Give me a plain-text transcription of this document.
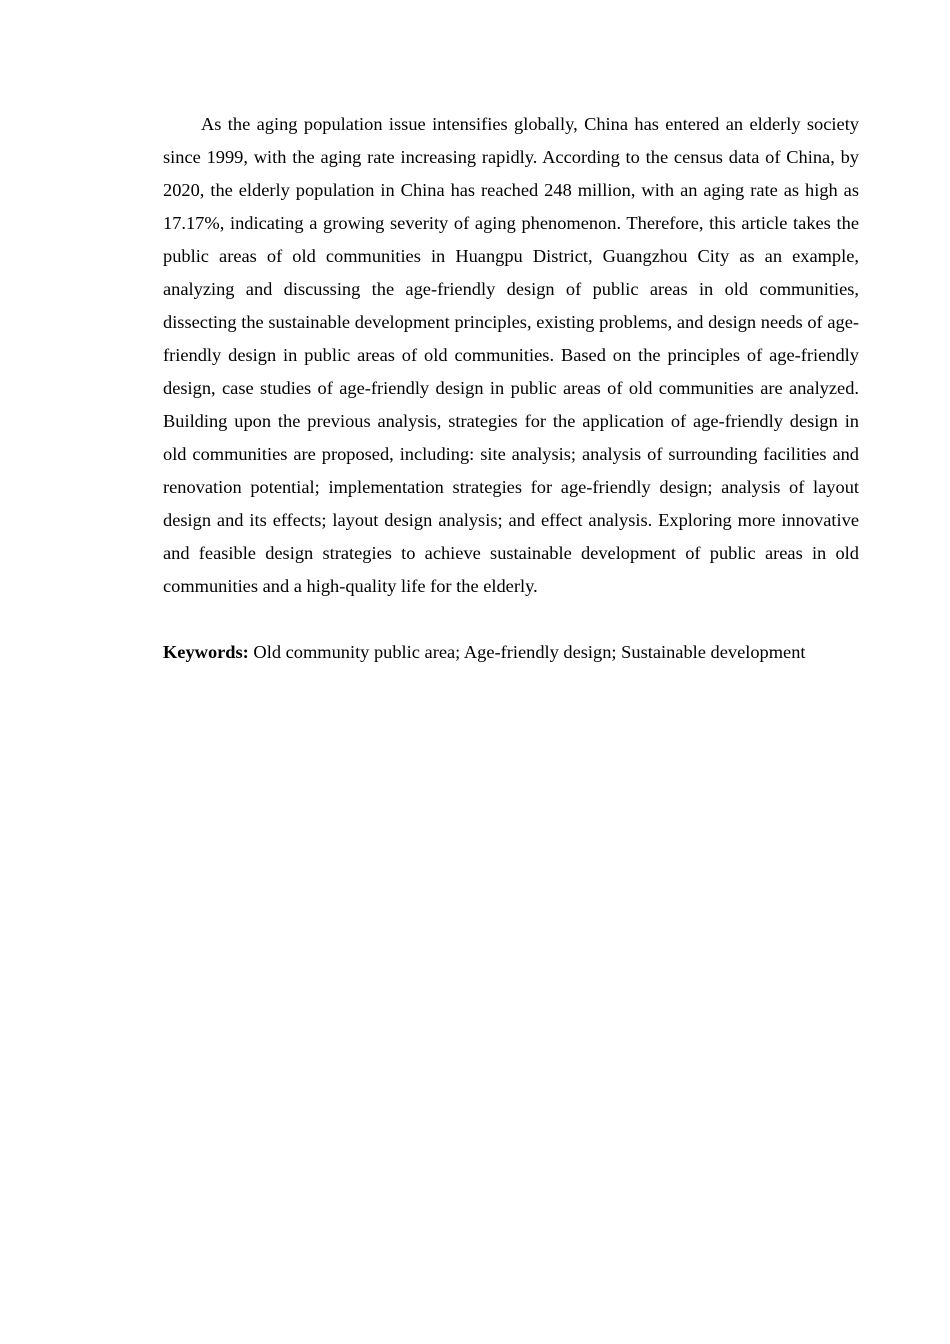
As the aging population issue intensifies globally, China has entered an elderly society since 1999, with the aging rate increasing rapidly. According to the census data of China, by 2020, the elderly population in China has reached 248 million, with an aging rate as high as 17.17%, indicating a growing severity of aging phenomenon. Therefore, this article takes the public areas of old communities in Huangpu District, Guangzhou City as an example, analyzing and discussing the age-friendly design of public areas in old communities, dissecting the sustainable development principles, existing problems, and design needs of age-friendly design in public areas of old communities. Based on the principles of age-friendly design, case studies of age-friendly design in public areas of old communities are analyzed. Building upon the previous analysis, strategies for the application of age-friendly design in old communities are proposed, including: site analysis; analysis of surrounding facilities and renovation potential; implementation strategies for age-friendly design; analysis of layout design and its effects; layout design analysis; and effect analysis. Exploring more innovative and feasible design strategies to achieve sustainable development of public areas in old communities and a high-quality life for the elderly.

Keywords: Old community public area; Age-friendly design; Sustainable development
